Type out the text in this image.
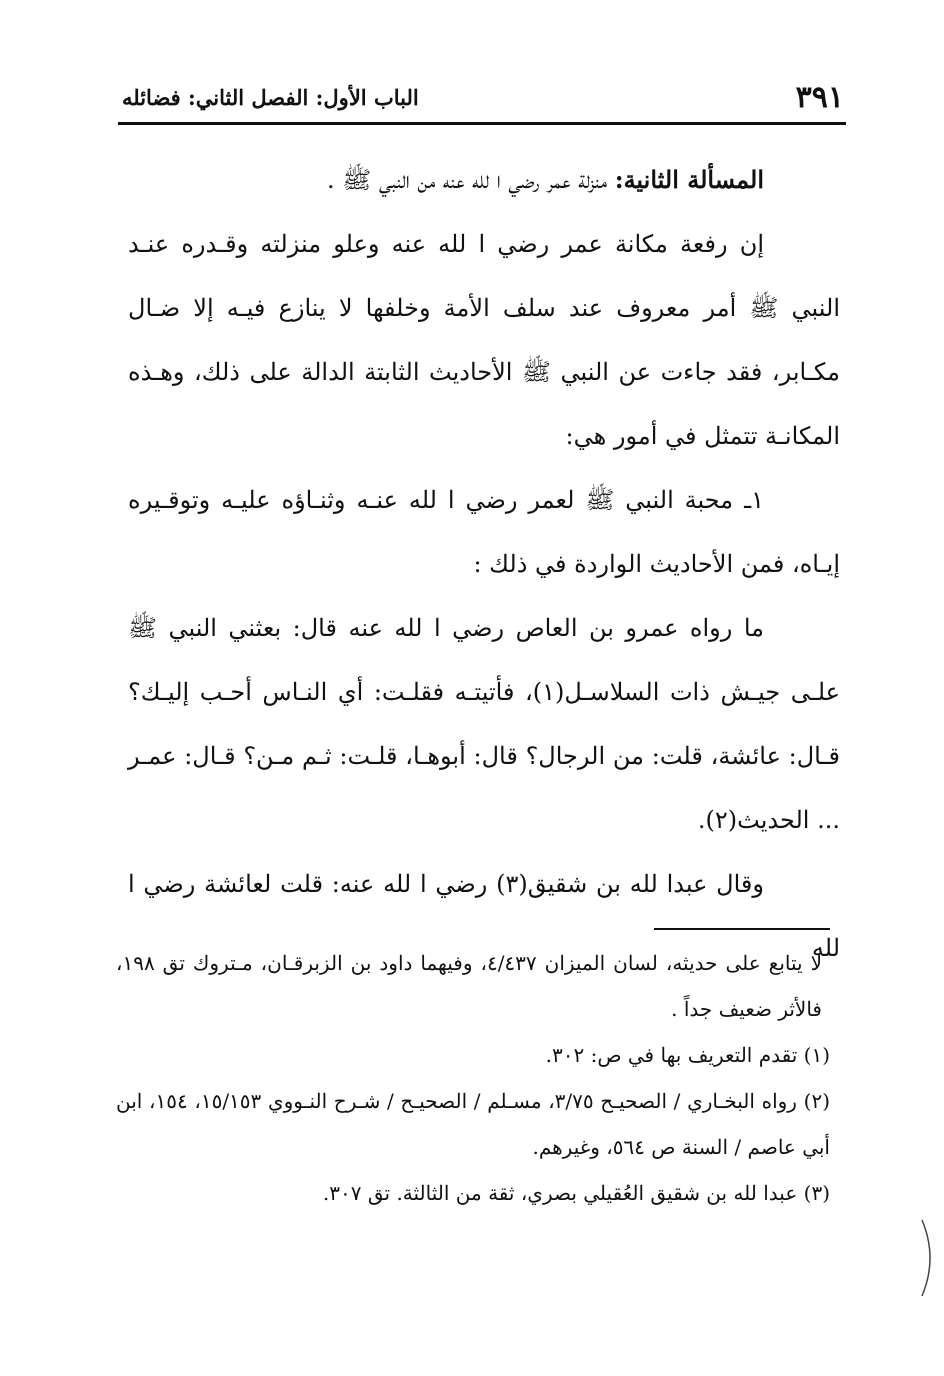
٣٩١
الباب الأول: الفصل الثاني: فضائله

المسألة الثانية: منزلة عمر رضي ا لله عنه من النبي ﷺ .

إن رفعة مكانة عمر رضي ا لله عنه وعلو منزلته وقـدره عنـد النبي ﷺ أمر معروف عند سلف الأمة وخلفها لا ينازع فيـه إلا ضـال مكـابر، فقد جاءت عن النبي ﷺ الأحاديث الثابتة الدالة على ذلك، وهـذه المكانـة تتمثل في أمور هي:

١ـ محبة النبي ﷺ لعمر رضي ا لله عنـه وثنـاؤه عليـه وتوقـيره إيـاه، فمن الأحاديث الواردة في ذلك :

ما رواه عمرو بن العاص رضي ا لله عنه قال: بعثني النبي ﷺ علـى جيـش ذات السلاسـل(١)، فأتيتـه فقلـت: أي النـاس أحـب إليـك؟ قـال: عائشة، قلت: من الرجال؟ قال: أبوهـا، قلـت: ثـم مـن؟ قـال: عمـر ... الحديث(٢).

وقال عبدا لله بن شقيق(٣) رضي ا لله عنه: قلت لعائشة رضي ا لله

لا يتابع على حديثه، لسان الميزان ٤/٤٣٧، وفيهما داود بن الزبرقـان، مـتروك تق ١٩٨، فالأثر ضعيف جداً .

(١) تقدم التعريف بها في ص: ٣٠٢.

(٢) رواه البخـاري / الصحيـح ٣/٧٥، مسـلم / الصحيـح / شـرح النـووي ١٥/١٥٣، ١٥٤، ابن أبي عاصم / السنة ص ٥٦٤، وغيرهم.

(٣) عبدا لله بن شقيق العُقيلي بصري، ثقة من الثالثة. تق ٣٠٧.
